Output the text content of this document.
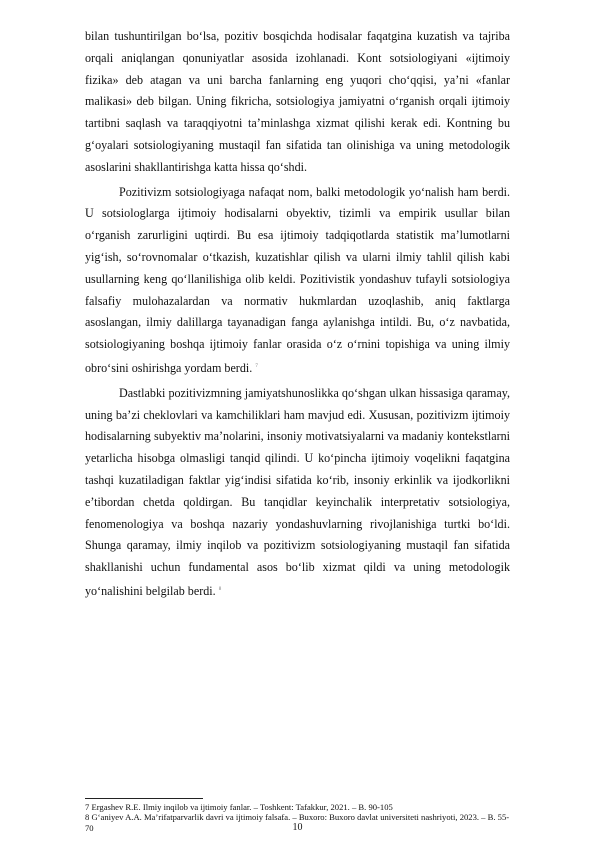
bilan tushuntirilgan bo‘lsa, pozitiv bosqichda hodisalar faqatgina kuzatish va tajriba orqali aniqlangan qonuniyatlar asosida izohlanadi. Kont sotsiologiyani «ijtimoiy fizika» deb atagan va uni barcha fanlarning eng yuqori cho‘qqisi, ya’ni «fanlar malikasi» deb bilgan. Uning fikricha, sotsiologiya jamiyatni o‘rganish orqali ijtimoiy tartibni saqlash va taraqqiyotni ta’minlashga xizmat qilishi kerak edi. Kontning bu g‘oyalari sotsiologiyaning mustaqil fan sifatida tan olinishiga va uning metodologik asoslarini shakllantirishga katta hissa qo‘shdi.

Pozitivizm sotsiologiyaga nafaqat nom, balki metodologik yo‘nalish ham berdi. U sotsiologlarga ijtimoiy hodisalarni obyektiv, tizimli va empirik usullar bilan o‘rganish zarurligini uqtirdi. Bu esa ijtimoiy tadqiqotlarda statistik ma’lumotlarni yig‘ish, so‘rovnomalar o‘tkazish, kuzatishlar qilish va ularni ilmiy tahlil qilish kabi usullarning keng qo‘llanilishiga olib keldi. Pozitivistik yondashuv tufayli sotsiologiya falsafiy mulohazalardan va normativ hukmlardan uzoqlashib, aniq faktlarga asoslangan, ilmiy dalillarga tayanadigan fanga aylanishga intildi. Bu, o‘z navbatida, sotsiologiyaning boshqa ijtimoiy fanlar orasida o‘z o‘rnini topishiga va uning ilmiy obro‘sini oshirishga yordam berdi. $^7$

Dastlabki pozitivizmning jamiyatshunoslikka qo‘shgan ulkan hissasiga qaramay, uning ba’zi cheklovlari va kamchiliklari ham mavjud edi. Xususan, pozitivizm ijtimoiy hodisalarning subyektiv ma’nolarini, insoniy motivatsiyalarni va madaniy kontekstlarni yetarlicha hisobga olmasligi tanqid qilindi. U ko‘pincha ijtimoiy voqelikni faqatgina tashqi kuzatiladigan faktlar yig‘indisi sifatida ko‘rib, insoniy erkinlik va ijodkorlikni e’tibordan chetda qoldirgan. Bu tanqidlar keyinchalik interpretativ sotsiologiya, fenomenologiya va boshqa nazariy yondashuvlarning rivojlanishiga turtki bo‘ldi. Shunga qaramay, ilmiy inqilob va pozitivizm sotsiologiyaning mustaqil fan sifatida shakllanishi uchun fundamental asos bo‘lib xizmat qildi va uning metodologik yo‘nalishini belgilab berdi. $^8$

7 Ergashev R.E. Ilmiy inqilob va ijtimoiy fanlar. – Toshkent: Tafakkur, 2021. – B. 90-105

8 G‘aniyev A.A. Ma’rifatparvarlik davri va ijtimoiy falsafa. – Buxoro: Buxoro davlat universiteti nashriyoti, 2023. – B. 55-70	10
